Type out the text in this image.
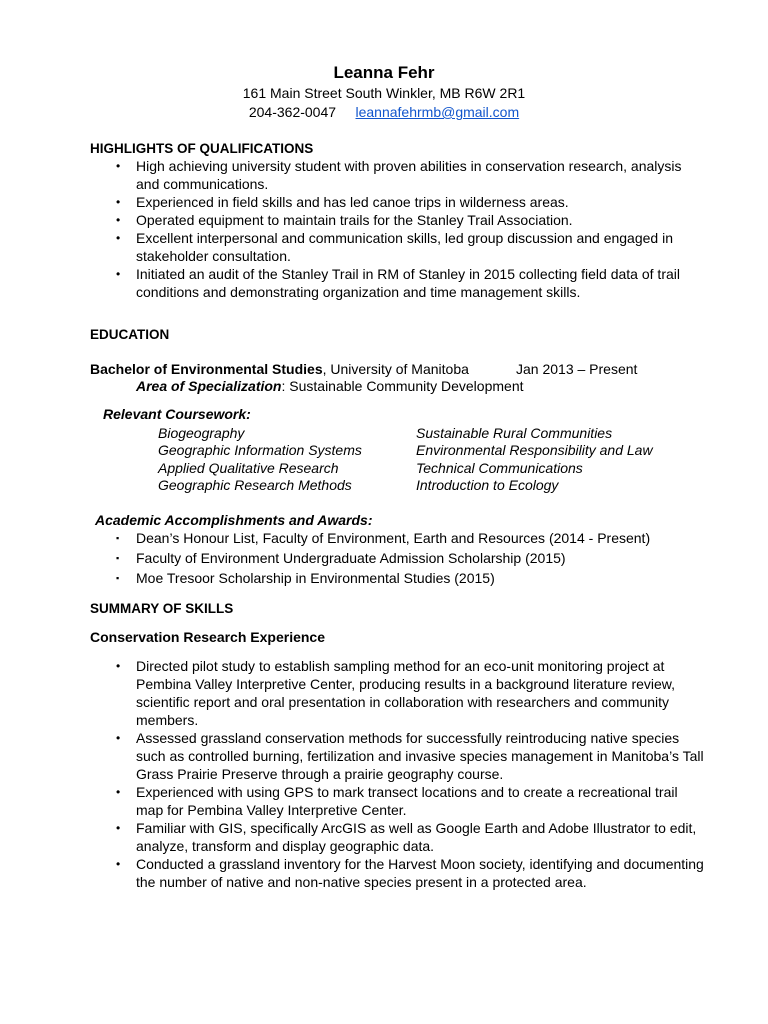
Leanna Fehr
161 Main Street South Winkler, MB R6W 2R1
204-362-0047 leannafehrmb@gmail.com
HIGHLIGHTS OF QUALIFICATIONS
• High achieving university student with proven abilities in conservation research, analysis and communications.
• Experienced in field skills and has led canoe trips in wilderness areas.
• Operated equipment to maintain trails for the Stanley Trail Association.
• Excellent interpersonal and communication skills, led group discussion and engaged in stakeholder consultation.
• Initiated an audit of the Stanley Trail in RM of Stanley in 2015 collecting field data of trail conditions and demonstrating organization and time management skills.
EDUCATION
Bachelor of Environmental Studies, University of Manitoba	Jan 2013 – Present
Area of Specialization: Sustainable Community Development
Relevant Coursework:
Biogeography
Geographic Information Systems
Applied Qualitative Research
Geographic Research Methods
Sustainable Rural Communities
Environmental Responsibility and Law
Technical Communications
Introduction to Ecology
Academic Accomplishments and Awards:
▪ Dean’s Honour List, Faculty of Environment, Earth and Resources (2014 - Present)
▪ Faculty of Environment Undergraduate Admission Scholarship (2015)
▪ Moe Tresoor Scholarship in Environmental Studies (2015)
SUMMARY OF SKILLS
Conservation Research Experience
• Directed pilot study to establish sampling method for an eco-unit monitoring project at Pembina Valley Interpretive Center, producing results in a background literature review, scientific report and oral presentation in collaboration with researchers and community members.
• Assessed grassland conservation methods for successfully reintroducing native species such as controlled burning, fertilization and invasive species management in Manitoba’s Tall Grass Prairie Preserve through a prairie geography course.
• Experienced with using GPS to mark transect locations and to create a recreational trail map for Pembina Valley Interpretive Center.
• Familiar with GIS, specifically ArcGIS as well as Google Earth and Adobe Illustrator to edit, analyze, transform and display geographic data.
• Conducted a grassland inventory for the Harvest Moon society, identifying and documenting the number of native and non-native species present in a protected area.
